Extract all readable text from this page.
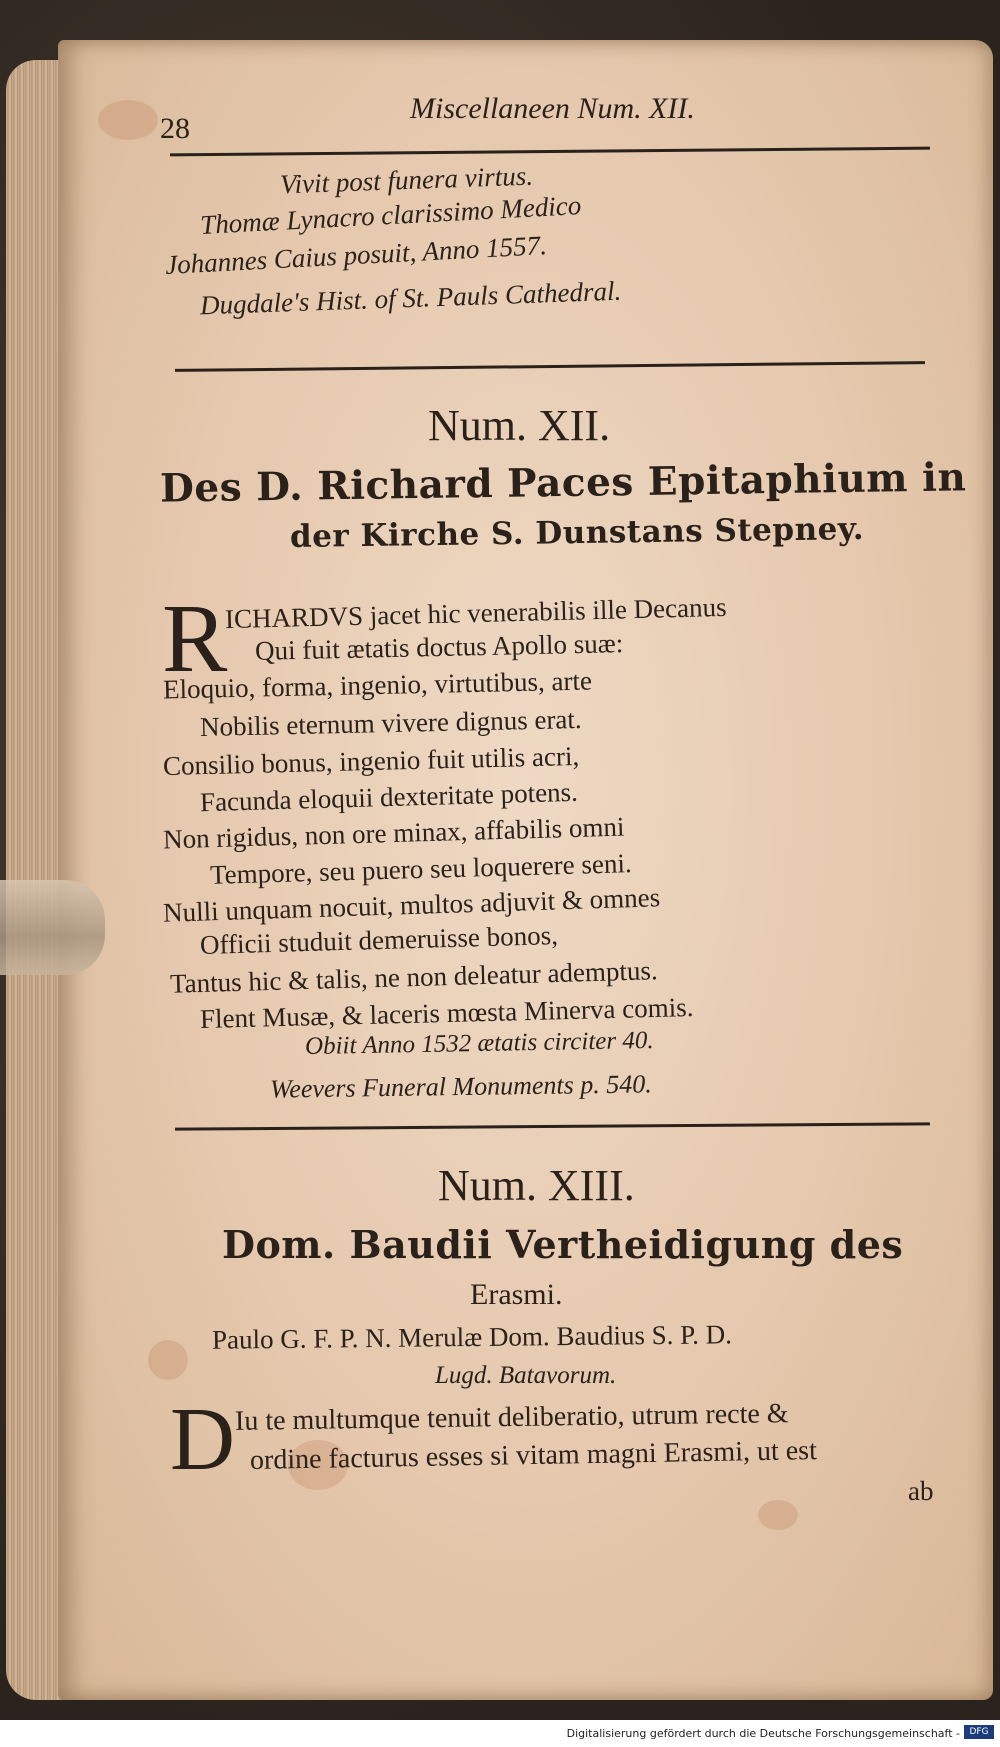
28
Miscellaneen Num. XII.
Vivit post funera virtus.
Thomæ Lynacro clarissimo Medico
Johannes Caius posuit, Anno 1557.
Dugdale's Hist. of St. Pauls Cathedral.
Num. XII.
Des D. Richard Paces Epitaphium in
der Kirche S. Dunstans Stepney.
R
ICHARDVS jacet hic venerabilis ille Decanus
Qui fuit ætatis doctus Apollo suæ:
Eloquio, forma, ingenio, virtutibus, arte
Nobilis eternum vivere dignus erat.
Consilio bonus, ingenio fuit utilis acri,
Facunda eloquii dexteritate potens.
Non rigidus, non ore minax, affabilis omni
Tempore, seu puero seu loquerere seni.
Nulli unquam nocuit, multos adjuvit & omnes
Officii studuit demeruisse bonos,
Tantus hic & talis, ne non deleatur ademptus.
Flent Musæ, & laceris mœsta Minerva comis.
Obiit Anno 1532 ætatis circiter 40.
Weevers Funeral Monuments p. 540.
Num. XIII.
Dom. Baudii Vertheidigung des
Erasmi.
Paulo G. F. P. N. Merulæ Dom. Baudius S. P. D.
Lugd. Batavorum.
D Iu te multumque tenuit deliberatio, utrum recte &
ordine facturus esses si vitam magni Erasmi, ut est
ab
Digitalisierung gefördert durch die Deutsche Forschungsgemeinschaft -	DFG
